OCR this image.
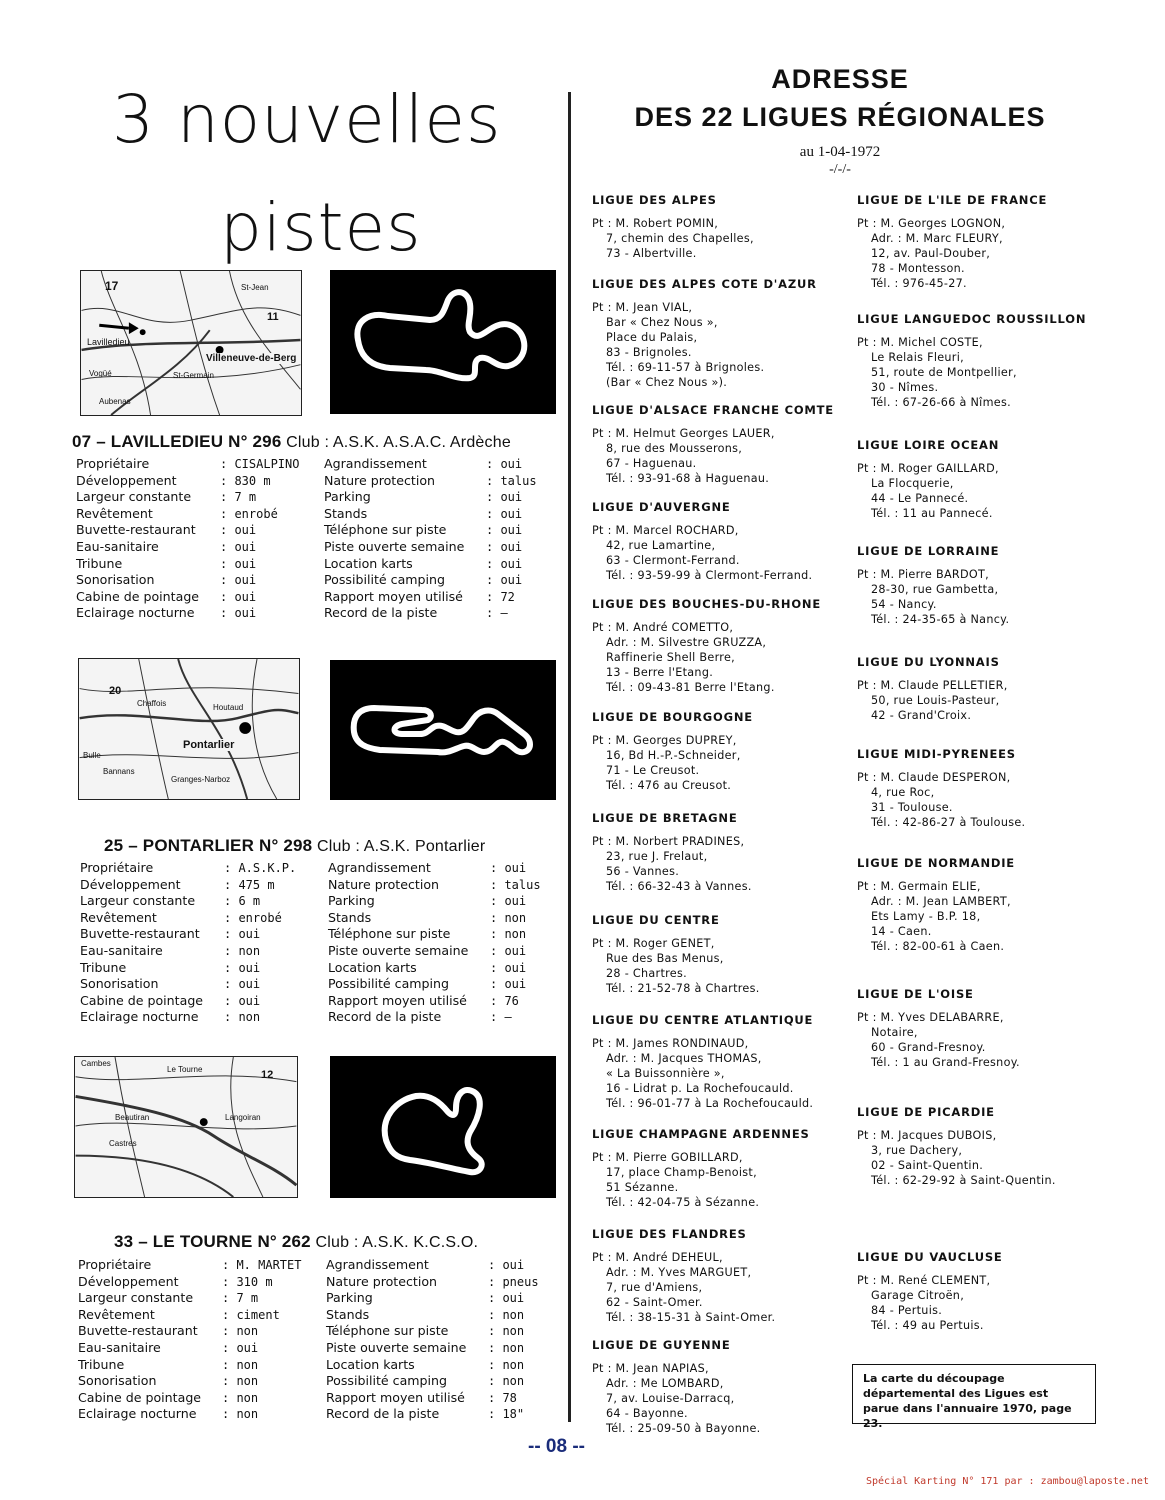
3 nouvelles
pistes
Lavilledieu
Villeneuve-de-Berg
St-Jean
Vogüé
Aubenas
St-Germain
17
11
07 – LAVILLEDIEU N° 296 Club : A.S.K. A.S.A.C. Ardèche
Propriétaire	: CISALPINO
Développement	: 830 m
Largeur constante	: 7 m
Revêtement	: enrobé
Buvette-restaurant	: oui
Eau-sanitaire	: oui
Tribune	: oui
Sonorisation	: oui
Cabine de pointage	: oui
Eclairage nocturne	: oui
Agrandissement	: oui
Nature protection	: talus
Parking	: oui
Stands	: oui
Téléphone sur piste	: oui
Piste ouverte semaine	: oui
Location karts	: oui
Possibilité camping	: oui
Rapport moyen utilisé	: 72
Record de la piste	: —
Pontarlier
20
Bulle
Bannans
Chaffois	Houtaud
Granges-Narboz
25 – PONTARLIER N° 298 Club : A.S.K. Pontarlier
Propriétaire	: A.S.K.P.
Développement	: 475 m
Largeur constante	: 6 m
Revêtement	: enrobé
Buvette-restaurant	: oui
Eau-sanitaire	: non
Tribune	: oui
Sonorisation	: oui
Cabine de pointage	: oui
Eclairage nocturne	: non
Agrandissement	: oui
Nature protection	: talus
Parking	: oui
Stands	: non
Téléphone sur piste	: non
Piste ouverte semaine	: oui
Location karts	: oui
Possibilité camping	: oui
Rapport moyen utilisé	: 76
Record de la piste	: —
Cambes
Le Tourne
Beautiran
Castres
Langoiran
12
33 – LE TOURNE N° 262 Club : A.S.K. K.C.S.O.
Propriétaire	: M. MARTET
Développement	: 310 m
Largeur constante	: 7 m
Revêtement	: ciment
Buvette-restaurant	: non
Eau-sanitaire	: oui
Tribune	: non
Sonorisation	: non
Cabine de pointage	: non
Eclairage nocturne	: non
Agrandissement	: oui
Nature protection	: pneus
Parking	: oui
Stands	: non
Téléphone sur piste	: non
Piste ouverte semaine	: non
Location karts	: non
Possibilité camping	: non
Rapport moyen utilisé	: 78
Record de la piste	: 18"
ADRESSE
DES 22 LIGUES RÉGIONALES
au 1-04-1972
-/-/-
LIGUE DES ALPES
Pt : M. Robert POMIN,
7, chemin des Chapelles,
73 - Albertville.
LIGUE DES ALPES COTE D'AZUR
Pt : M. Jean VIAL,
Bar « Chez Nous »,
Place du Palais,
83 - Brignoles.
Tél. : 69-11-57 à Brignoles.
(Bar « Chez Nous »).
LIGUE D'ALSACE FRANCHE COMTE
Pt : M. Helmut Georges LAUER,
8, rue des Mousserons,
67 - Haguenau.
Tél. : 93-91-68 à Haguenau.
LIGUE D'AUVERGNE
Pt : M. Marcel ROCHARD,
42, rue Lamartine,
63 - Clermont-Ferrand.
Tél. : 93-59-99 à Clermont-Ferrand.
LIGUE DES BOUCHES-DU-RHONE
Pt : M. André COMETTO,
Adr. : M. Silvestre GRUZZA,
Raffinerie Shell Berre,
13 - Berre l'Etang.
Tél. : 09-43-81 Berre l'Etang.
LIGUE DE BOURGOGNE
Pt : M. Georges DUPREY,
16, Bd H.-P.-Schneider,
71 - Le Creusot.
Tél. : 476 au Creusot.
LIGUE DE BRETAGNE
Pt : M. Norbert PRADINES,
23, rue J. Frelaut,
56 - Vannes.
Tél. : 66-32-43 à Vannes.
LIGUE DU CENTRE
Pt : M. Roger GENET,
Rue des Bas Menus,
28 - Chartres.
Tél. : 21-52-78 à Chartres.
LIGUE DU CENTRE ATLANTIQUE
Pt : M. James RONDINAUD,
Adr. : M. Jacques THOMAS,
« La Buissonnière »,
16 - Lidrat p. La Rochefoucauld.
Tél. : 96-01-77 à La Rochefoucauld.
LIGUE CHAMPAGNE ARDENNES
Pt : M. Pierre GOBILLARD,
17, place Champ-Benoist,
51 Sézanne.
Tél. : 42-04-75 à Sézanne.
LIGUE DES FLANDRES
Pt : M. André DEHEUL,
Adr. : M. Yves MARGUET,
7, rue d'Amiens,
62 - Saint-Omer.
Tél. : 38-15-31 à Saint-Omer.
LIGUE DE GUYENNE
Pt : M. Jean NAPIAS,
Adr. : Me LOMBARD,
7, av. Louise-Darracq,
64 - Bayonne.
Tél. : 25-09-50 à Bayonne.
LIGUE DE L'ILE DE FRANCE
Pt : M. Georges LOGNON,
Adr. : M. Marc FLEURY,
12, av. Paul-Douber,
78 - Montesson.
Tél. : 976-45-27.
LIGUE LANGUEDOC ROUSSILLON
Pt : M. Michel COSTE,
Le Relais Fleuri,
51, route de Montpellier,
30 - Nîmes.
Tél. : 67-26-66 à Nîmes.
LIGUE LOIRE OCEAN
Pt : M. Roger GAILLARD,
La Flocquerie,
44 - Le Pannecé.
Tél. : 11 au Pannecé.
LIGUE DE LORRAINE
Pt : M. Pierre BARDOT,
28-30, rue Gambetta,
54 - Nancy.
Tél. : 24-35-65 à Nancy.
LIGUE DU LYONNAIS
Pt : M. Claude PELLETIER,
50, rue Louis-Pasteur,
42 - Grand'Croix.
LIGUE MIDI-PYRENEES
Pt : M. Claude DESPERON,
4, rue Roc,
31 - Toulouse.
Tél. : 42-86-27 à Toulouse.
LIGUE DE NORMANDIE
Pt : M. Germain ELIE,
Adr. : M. Jean LAMBERT,
Ets Lamy - B.P. 18,
14 - Caen.
Tél. : 82-00-61 à Caen.
LIGUE DE L'OISE
Pt : M. Yves DELABARRE,
Notaire,
60 - Grand-Fresnoy.
Tél. : 1 au Grand-Fresnoy.
LIGUE DE PICARDIE
Pt : M. Jacques DUBOIS,
3, rue Dachery,
02 - Saint-Quentin.
Tél. : 62-29-92 à Saint-Quentin.
LIGUE DU VAUCLUSE
Pt : M. René CLEMENT,
Garage Citroën,
84 - Pertuis.
Tél. : 49 au Pertuis.
La carte du découpage départemental des Ligues est parue dans l'annuaire 1970, page 23.
-- 08 --
Spécial Karting N° 171 par : zambou@laposte.net
